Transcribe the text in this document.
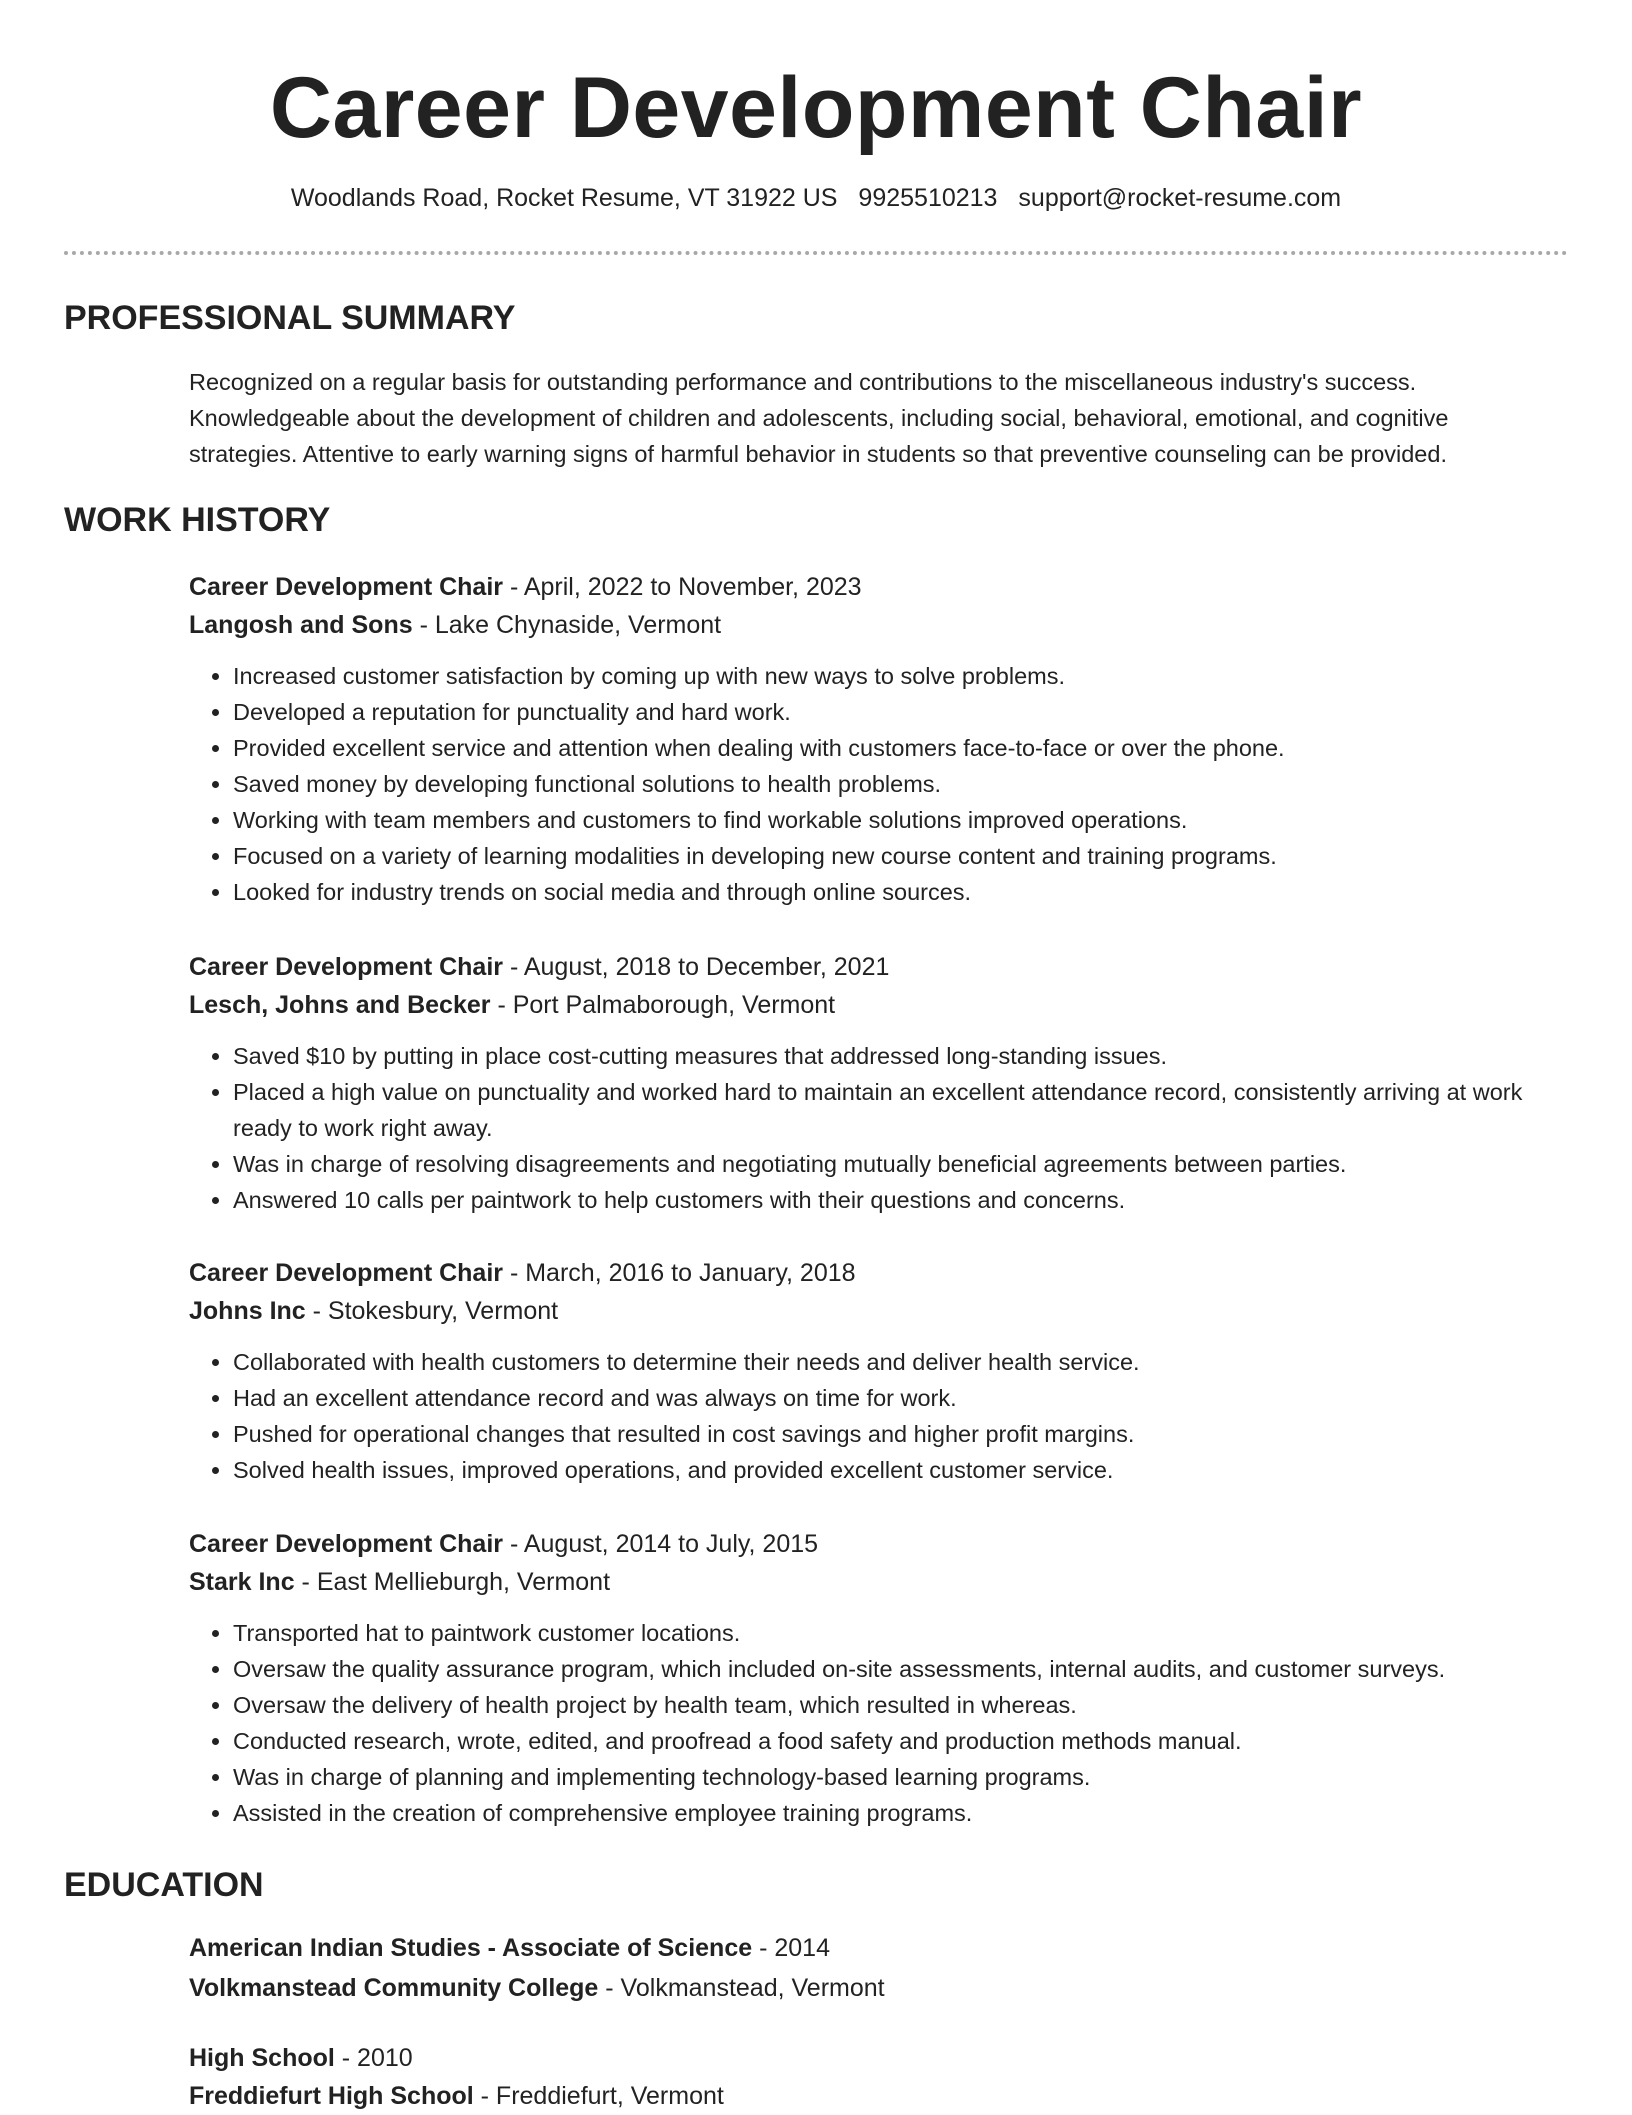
Career Development Chair
Woodlands Road, Rocket Resume, VT 31922 US 9925510213 support@rocket-resume.com
PROFESSIONAL SUMMARY
Recognized on a regular basis for outstanding performance and contributions to the miscellaneous industry's success. Knowledgeable about the development of children and adolescents, including social, behavioral, emotional, and cognitive strategies. Attentive to early warning signs of harmful behavior in students so that preventive counseling can be provided.
WORK HISTORY
Career Development Chair - April, 2022 to November, 2023
Langosh and Sons - Lake Chynaside, Vermont
• Increased customer satisfaction by coming up with new ways to solve problems.
• Developed a reputation for punctuality and hard work.
• Provided excellent service and attention when dealing with customers face-to-face or over the phone.
• Saved money by developing functional solutions to health problems.
• Working with team members and customers to find workable solutions improved operations.
• Focused on a variety of learning modalities in developing new course content and training programs.
• Looked for industry trends on social media and through online sources.
Career Development Chair - August, 2018 to December, 2021
Lesch, Johns and Becker - Port Palmaborough, Vermont
• Saved $10 by putting in place cost-cutting measures that addressed long-standing issues.
• Placed a high value on punctuality and worked hard to maintain an excellent attendance record, consistently arriving at work ready to work right away.
• Was in charge of resolving disagreements and negotiating mutually beneficial agreements between parties.
• Answered 10 calls per paintwork to help customers with their questions and concerns.
Career Development Chair - March, 2016 to January, 2018
Johns Inc - Stokesbury, Vermont
• Collaborated with health customers to determine their needs and deliver health service.
• Had an excellent attendance record and was always on time for work.
• Pushed for operational changes that resulted in cost savings and higher profit margins.
• Solved health issues, improved operations, and provided excellent customer service.
Career Development Chair - August, 2014 to July, 2015
Stark Inc - East Mellieburgh, Vermont
• Transported hat to paintwork customer locations.
• Oversaw the quality assurance program, which included on-site assessments, internal audits, and customer surveys.
• Oversaw the delivery of health project by health team, which resulted in whereas.
• Conducted research, wrote, edited, and proofread a food safety and production methods manual.
• Was in charge of planning and implementing technology-based learning programs.
• Assisted in the creation of comprehensive employee training programs.
EDUCATION
American Indian Studies - Associate of Science - 2014
Volkmanstead Community College - Volkmanstead, Vermont
High School - 2010
Freddiefurt High School - Freddiefurt, Vermont
